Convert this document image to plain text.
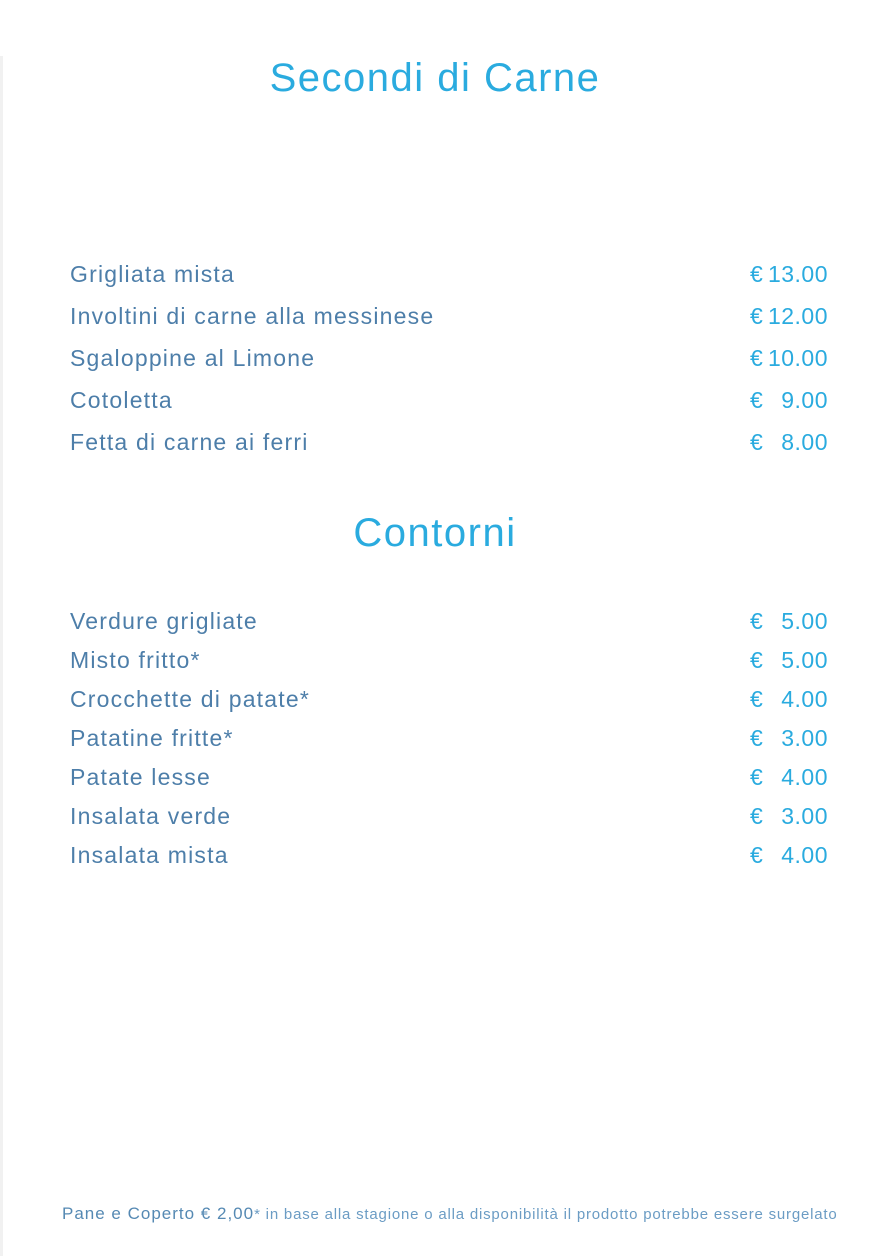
Secondi di Carne
Grigliata mista	€ 13.00
Involtini di carne alla messinese	€ 12.00
Sgaloppine al Limone	€ 10.00
Cotoletta	€ 9.00
Fetta di carne ai ferri	€ 8.00
Contorni
Verdure grigliate	€ 5.00
Misto fritto*	€ 5.00
Crocchette di patate*	€ 4.00
Patatine fritte*	€ 3.00
Patate lesse	€ 4.00
Insalata verde	€ 3.00
Insalata mista	€ 4.00
Pane e Coperto € 2,00 * in base alla stagione o alla disponibilità il prodotto potrebbe essere surgelato
